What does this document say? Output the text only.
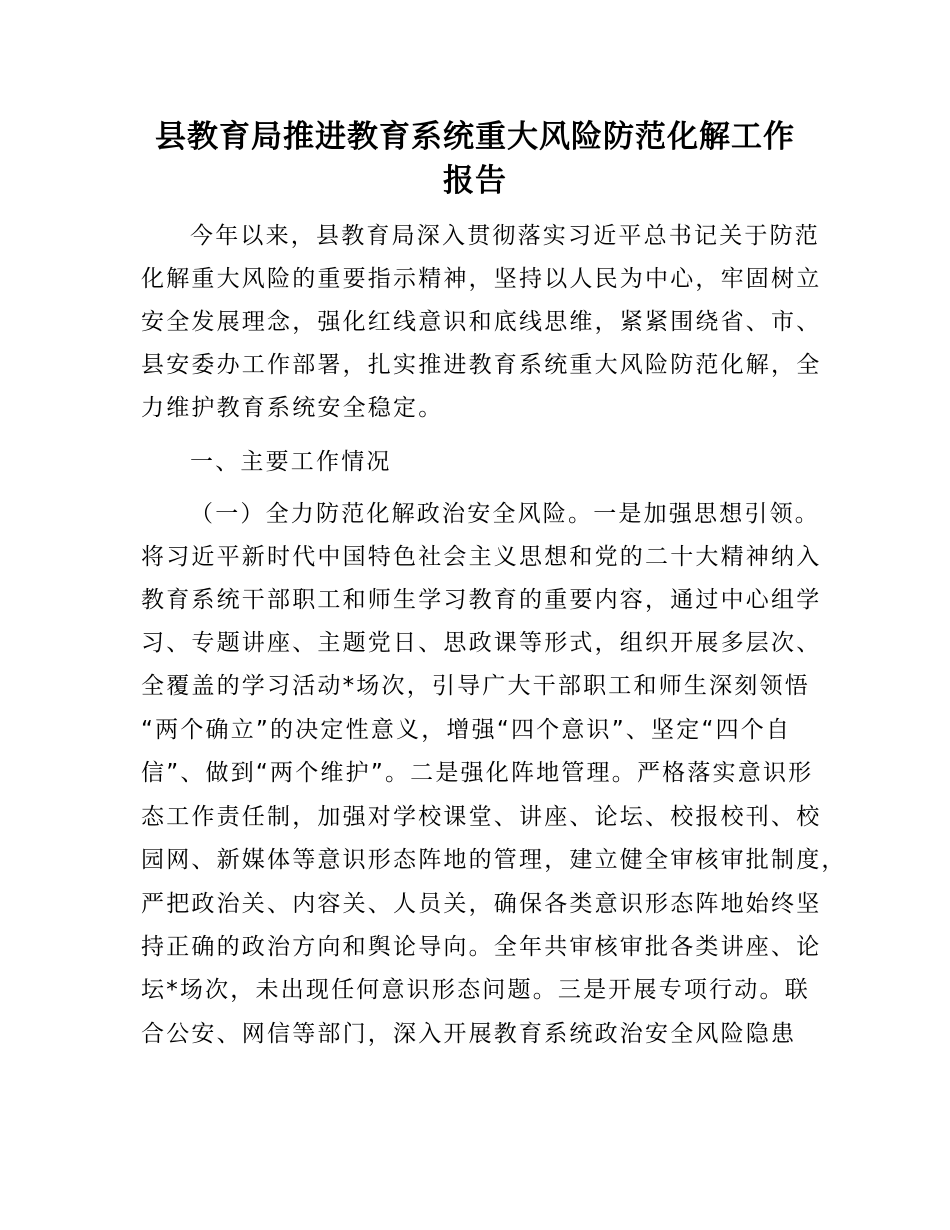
县教育局推进教育系统重大风险防范化解工作
报告
今年以来，县教育局深入贯彻落实习近平总书记关于防范
化解重大风险的重要指示精神，坚持以人民为中心，牢固树立
安全发展理念，强化红线意识和底线思维，紧紧围绕省、市、
县安委办工作部署，扎实推进教育系统重大风险防范化解，全
力维护教育系统安全稳定。
一、主要工作情况
（一）全力防范化解政治安全风险。一是加强思想引领。
将习近平新时代中国特色社会主义思想和党的二十大精神纳入
教育系统干部职工和师生学习教育的重要内容，通过中心组学
习、专题讲座、主题党日、思政课等形式，组织开展多层次、
全覆盖的学习活动*场次，引导广大干部职工和师生深刻领悟
“两个确立”的决定性意义，增强“四个意识”、坚定“四个自
信”、做到“两个维护”。二是强化阵地管理。严格落实意识形
态工作责任制，加强对学校课堂、讲座、论坛、校报校刊、校
园网、新媒体等意识形态阵地的管理，建立健全审核审批制度，
严把政治关、内容关、人员关，确保各类意识形态阵地始终坚
持正确的政治方向和舆论导向。全年共审核审批各类讲座、论
坛*场次，未出现任何意识形态问题。三是开展专项行动。联
合公安、网信等部门，深入开展教育系统政治安全风险隐患
